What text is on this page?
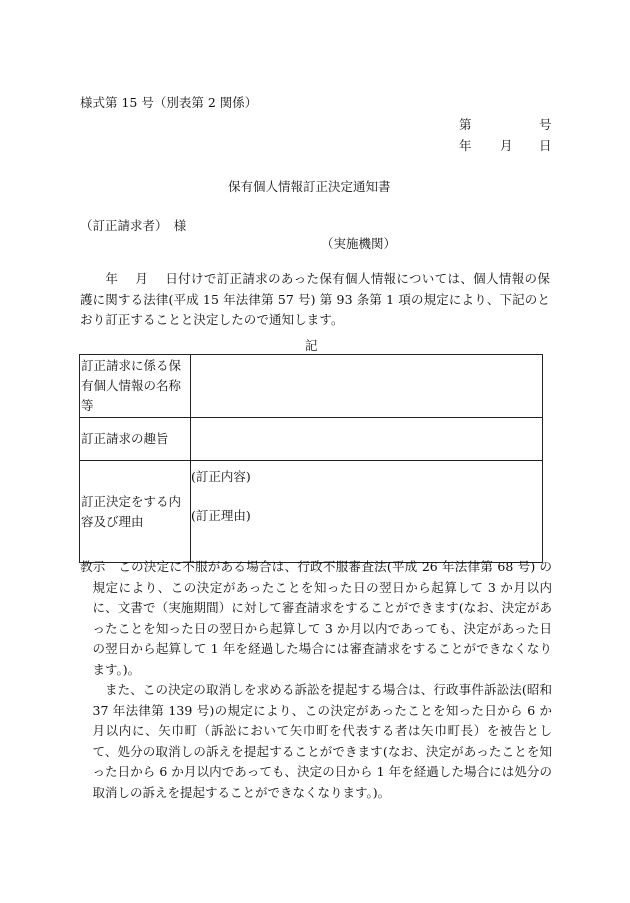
様式第 15 号（別表第 2 関係）
第	号
年 月 日
保有個人情報訂正決定通知書
（訂正請求者）　様
（実施機関）
　年　 月　 日付けで訂正請求のあった保有個人情報については、個人情報の保護に関する法律(平成 15 年法律第 57 号) 第 93 条第 1 項の規定により、下記のとおり訂正することと決定したので通知します。
記
訂正請求に係る保有個人情報の名称等	
訂正請求の趣旨	
訂正決定をする内容及び理由	(訂正内容)
(訂正理由)

教示　この決定に不服がある場合は、行政不服審査法(平成 26 年法律第 68 号) の規定により、この決定があったことを知った日の翌日から起算して 3 か月以内に、文書で（実施期間）に対して審査請求をすることができます(なお、決定があったことを知った日の翌日から起算して 3 か月以内であっても、決定があった日の翌日から起算して 1 年を経過した場合には審査請求をすることができなくなります。)。

また、この決定の取消しを求める訴訟を提起する場合は、行政事件訴訟法(昭和 37 年法律第 139 号)の規定により、この決定があったことを知った日から 6 か月以内に、矢巾町（訴訟において矢巾町を代表する者は矢巾町長）を被告として、処分の取消しの訴えを提起することができます(なお、決定があったことを知った日から 6 か月以内であっても、決定の日から 1 年を経過した場合には処分の取消しの訴えを提起することができなくなります。)。
